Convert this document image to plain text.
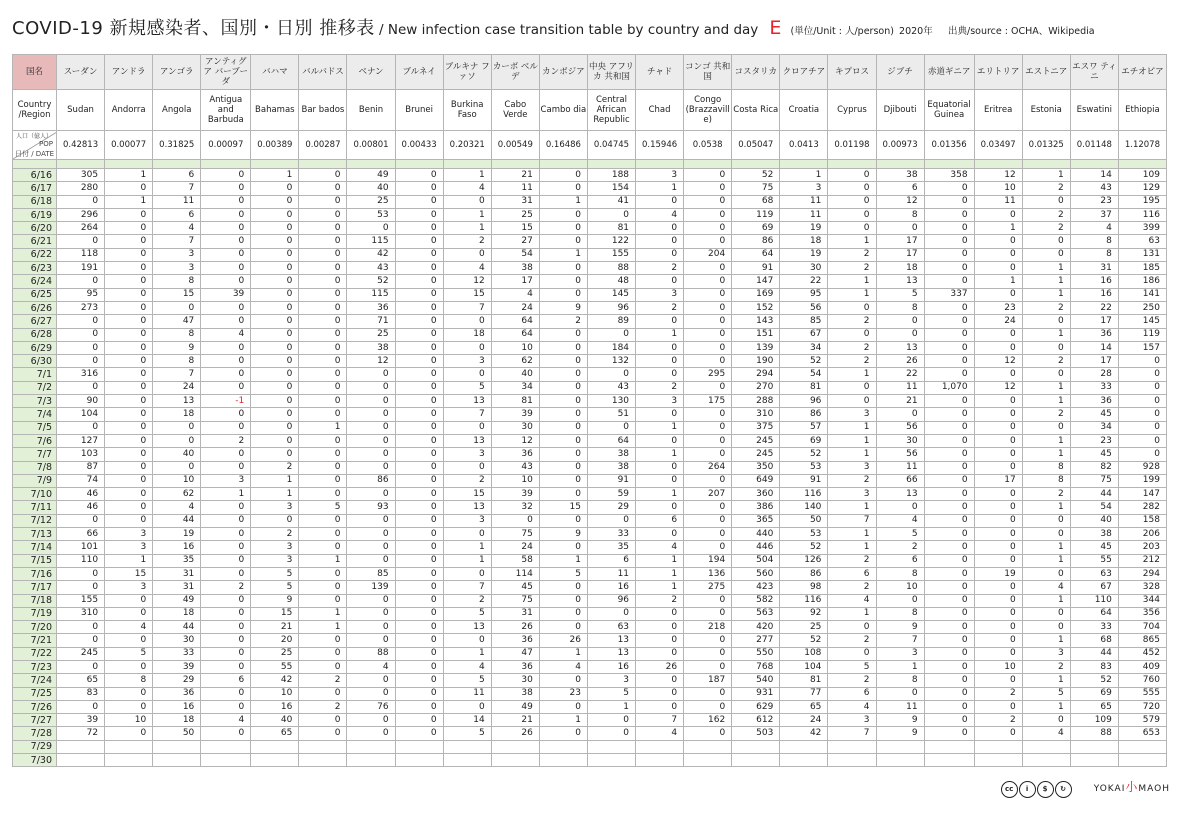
COVID-19 新規感染者、国別・日別 推移表 / New infection case transition table by country and day E (単位/Unit : 人/person) 2020年 出典/source : OCHA、Wikipedia
国名	スーダン	アンドラ	アンゴラ	アンティグア バーブーダ	バハマ	バルバドス	ベナン	ブルネイ	ブルキナ ファソ	カーボ ベルデ	カンボジア	中央 アフリカ 共和国	チャド	コンゴ 共和国	コスタリカ	クロアチア	キプロス	ジブチ	赤道ギニア	エリトリア	エストニア	エスワ ティニ	エチオピア
Country /Region	Sudan	Andorra	Angola	Antigua and Barbuda	Bahamas	Bar bados	Benin	Brunei	Burkina Faso	Cabo Verde	Cambo dia	Central African Republic	Chad	Congo (Brazzavill e)	Costa Rica	Croatia	Cyprus	Djibouti	Equatorial Guinea	Eritrea	Estonia	Eswatini	Ethiopia

人口（億人）
POP
日付 / DATE	0.42813	0.00077	0.31825	0.00097	0.00389	0.00287	0.00801	0.00433	0.20321	0.00549	0.16486	0.04745	0.15946	0.0538	0.05047	0.0413	0.01198	0.00973	0.01356	0.03497	0.01325	0.01148	1.12078

6/16	305	1	6	0	1	0	49	0	1	21	0	188	3	0	52	1	0	38	358	12	1	14	109
6/17	280	0	7	0	0	0	40	0	4	11	0	154	1	0	75	3	0	6	0	10	2	43	129
6/18	0	1	11	0	0	0	25	0	0	31	1	41	0	0	68	11	0	12	0	11	0	23	195
6/19	296	0	6	0	0	0	53	0	1	25	0	0	4	0	119	11	0	8	0	0	2	37	116
6/20	264	0	4	0	0	0	0	0	1	15	0	81	0	0	69	19	0	0	0	1	2	4	399
6/21	0	0	7	0	0	0	115	0	2	27	0	122	0	0	86	18	1	17	0	0	0	8	63
6/22	118	0	3	0	0	0	42	0	0	54	1	155	0	204	64	19	2	17	0	0	0	8	131
6/23	191	0	3	0	0	0	43	0	4	38	0	88	2	0	91	30	2	18	0	0	1	31	185
6/24	0	0	8	0	0	0	52	0	12	17	0	48	0	0	147	22	1	13	0	1	1	16	186
6/25	95	0	15	39	0	0	115	0	15	4	0	145	3	0	169	95	1	5	337	0	1	16	141
6/26	273	0	0	0	0	0	36	0	7	24	9	96	2	0	152	56	0	8	0	23	2	22	250
6/27	0	0	47	0	0	0	71	0	0	64	2	89	0	0	143	85	2	0	0	24	0	17	145
6/28	0	0	8	4	0	0	25	0	18	64	0	0	1	0	151	67	0	0	0	0	1	36	119
6/29	0	0	9	0	0	0	38	0	0	10	0	184	0	0	139	34	2	13	0	0	0	14	157
6/30	0	0	8	0	0	0	12	0	3	62	0	132	0	0	190	52	2	26	0	12	2	17	0
7/1	316	0	7	0	0	0	0	0	0	40	0	0	0	295	294	54	1	22	0	0	0	28	0
7/2	0	0	24	0	0	0	0	0	5	34	0	43	2	0	270	81	0	11	1,070	12	1	33	0
7/3	90	0	13	-1	0	0	0	0	13	81	0	130	3	175	288	96	0	21	0	0	1	36	0
7/4	104	0	18	0	0	0	0	0	7	39	0	51	0	0	310	86	3	0	0	0	2	45	0
7/5	0	0	0	0	0	1	0	0	0	30	0	0	1	0	375	57	1	56	0	0	0	34	0
7/6	127	0	0	2	0	0	0	0	13	12	0	64	0	0	245	69	1	30	0	0	1	23	0
7/7	103	0	40	0	0	0	0	0	3	36	0	38	1	0	245	52	1	56	0	0	1	45	0
7/8	87	0	0	0	2	0	0	0	0	43	0	38	0	264	350	53	3	11	0	0	8	82	928
7/9	74	0	10	3	1	0	86	0	2	10	0	91	0	0	649	91	2	66	0	17	8	75	199
7/10	46	0	62	1	1	0	0	0	15	39	0	59	1	207	360	116	3	13	0	0	2	44	147
7/11	46	0	4	0	3	5	93	0	13	32	15	29	0	0	386	140	1	0	0	0	1	54	282
7/12	0	0	44	0	0	0	0	0	3	0	0	0	6	0	365	50	7	4	0	0	0	40	158
7/13	66	3	19	0	2	0	0	0	0	75	9	33	0	0	440	53	1	5	0	0	0	38	206
7/14	101	3	16	0	3	0	0	0	1	24	0	35	4	0	446	52	1	2	0	0	1	45	203
7/15	110	1	35	0	3	1	0	0	1	58	1	6	1	194	504	126	2	6	0	0	1	55	212
7/16	0	15	31	0	5	0	85	0	0	114	5	11	1	136	560	86	6	8	0	19	0	63	294
7/17	0	3	31	2	5	0	139	0	7	45	0	16	1	275	423	98	2	10	0	0	4	67	328
7/18	155	0	49	0	9	0	0	0	2	75	0	96	2	0	582	116	4	0	0	0	1	110	344
7/19	310	0	18	0	15	1	0	0	5	31	0	0	0	0	563	92	1	8	0	0	0	64	356
7/20	0	4	44	0	21	1	0	0	13	26	0	63	0	218	420	25	0	9	0	0	0	33	704
7/21	0	0	30	0	20	0	0	0	0	36	26	13	0	0	277	52	2	7	0	0	1	68	865
7/22	245	5	33	0	25	0	88	0	1	47	1	13	0	0	550	108	0	3	0	0	3	44	452
7/23	0	0	39	0	55	0	4	0	4	36	4	16	26	0	768	104	5	1	0	10	2	83	409
7/24	65	8	29	6	42	2	0	0	5	30	0	3	0	187	540	81	2	8	0	0	1	52	760
7/25	83	0	36	0	10	0	0	0	11	38	23	5	0	0	931	77	6	0	0	2	5	69	555
7/26	0	0	16	0	16	2	76	0	0	49	0	1	0	0	629	65	4	11	0	0	1	65	720
7/27	39	10	18	4	40	0	0	0	14	21	1	0	7	162	612	24	3	9	0	2	0	109	579
7/28	72	0	50	0	65	0	0	0	5	26	0	0	4	0	503	42	7	9	0	0	4	88	653
7/29																							
7/30																							
cc i $ ↻	YOKAI小MAOH
